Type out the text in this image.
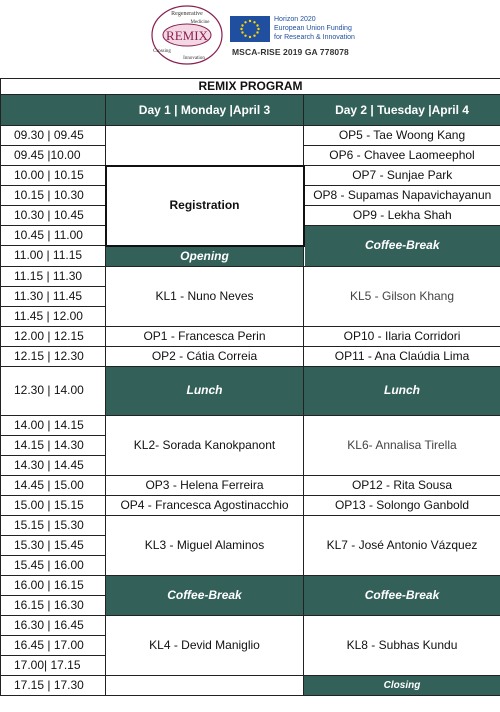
REMIX
Regenerative
Medicine
Innovation
Crossing
Horizon 2020
European Union Funding
for Research & Innovation
MSCA-RISE 2019 GA 778078
REMIX PROGRAM		
	Day 1 | Monday |April 3	Day 2 | Tuesday |April 4
09.30 | 09.45		OP5 - Tae Woong Kang
09.45 |10.00		OP6 - Chavee Laomeephol
10.00 | 10.15	Registration	OP7 - Sunjae Park
10.15 | 10.30		OP8 - Supamas Napavichayanun
10.30 | 10.45		OP9 - Lekha Shah
10.45 | 11.00		Coffee-Break
11.00 | 11.15	Opening	
11.15 | 11.30	KL1 - Nuno Neves	KL5 - Gilson Khang
11.30 | 11.45		
11.45 | 12.00		
12.00 | 12.15	OP1 - Francesca Perin	OP10 - Ilaria Corridori
12.15 | 12.30	OP2 - Cátia Correia	OP11 - Ana Claúdia Lima
12.30 | 14.00	Lunch	Lunch
14.00 | 14.15	KL2- Sorada Kanokpanont	KL6- Annalisa Tirella
14.15 | 14.30		
14.30 | 14.45		
14.45 | 15.00	OP3 - Helena Ferreira	OP12 - Rita Sousa
15.00 | 15.15	OP4 - Francesca Agostinacchio	OP13 - Solongo Ganbold
15.15 | 15.30	KL3 - Miguel Alaminos	KL7 - José Antonio Vázquez
15.30 | 15.45		
15.45 | 16.00		
16.00 | 16.15	Coffee-Break	Coffee-Break
16.15 | 16.30		
16.30 | 16.45	KL4 - Devid Maniglio	KL8 - Subhas Kundu
16.45 | 17.00		
17.00| 17.15		
17.15 | 17.30		Closing
